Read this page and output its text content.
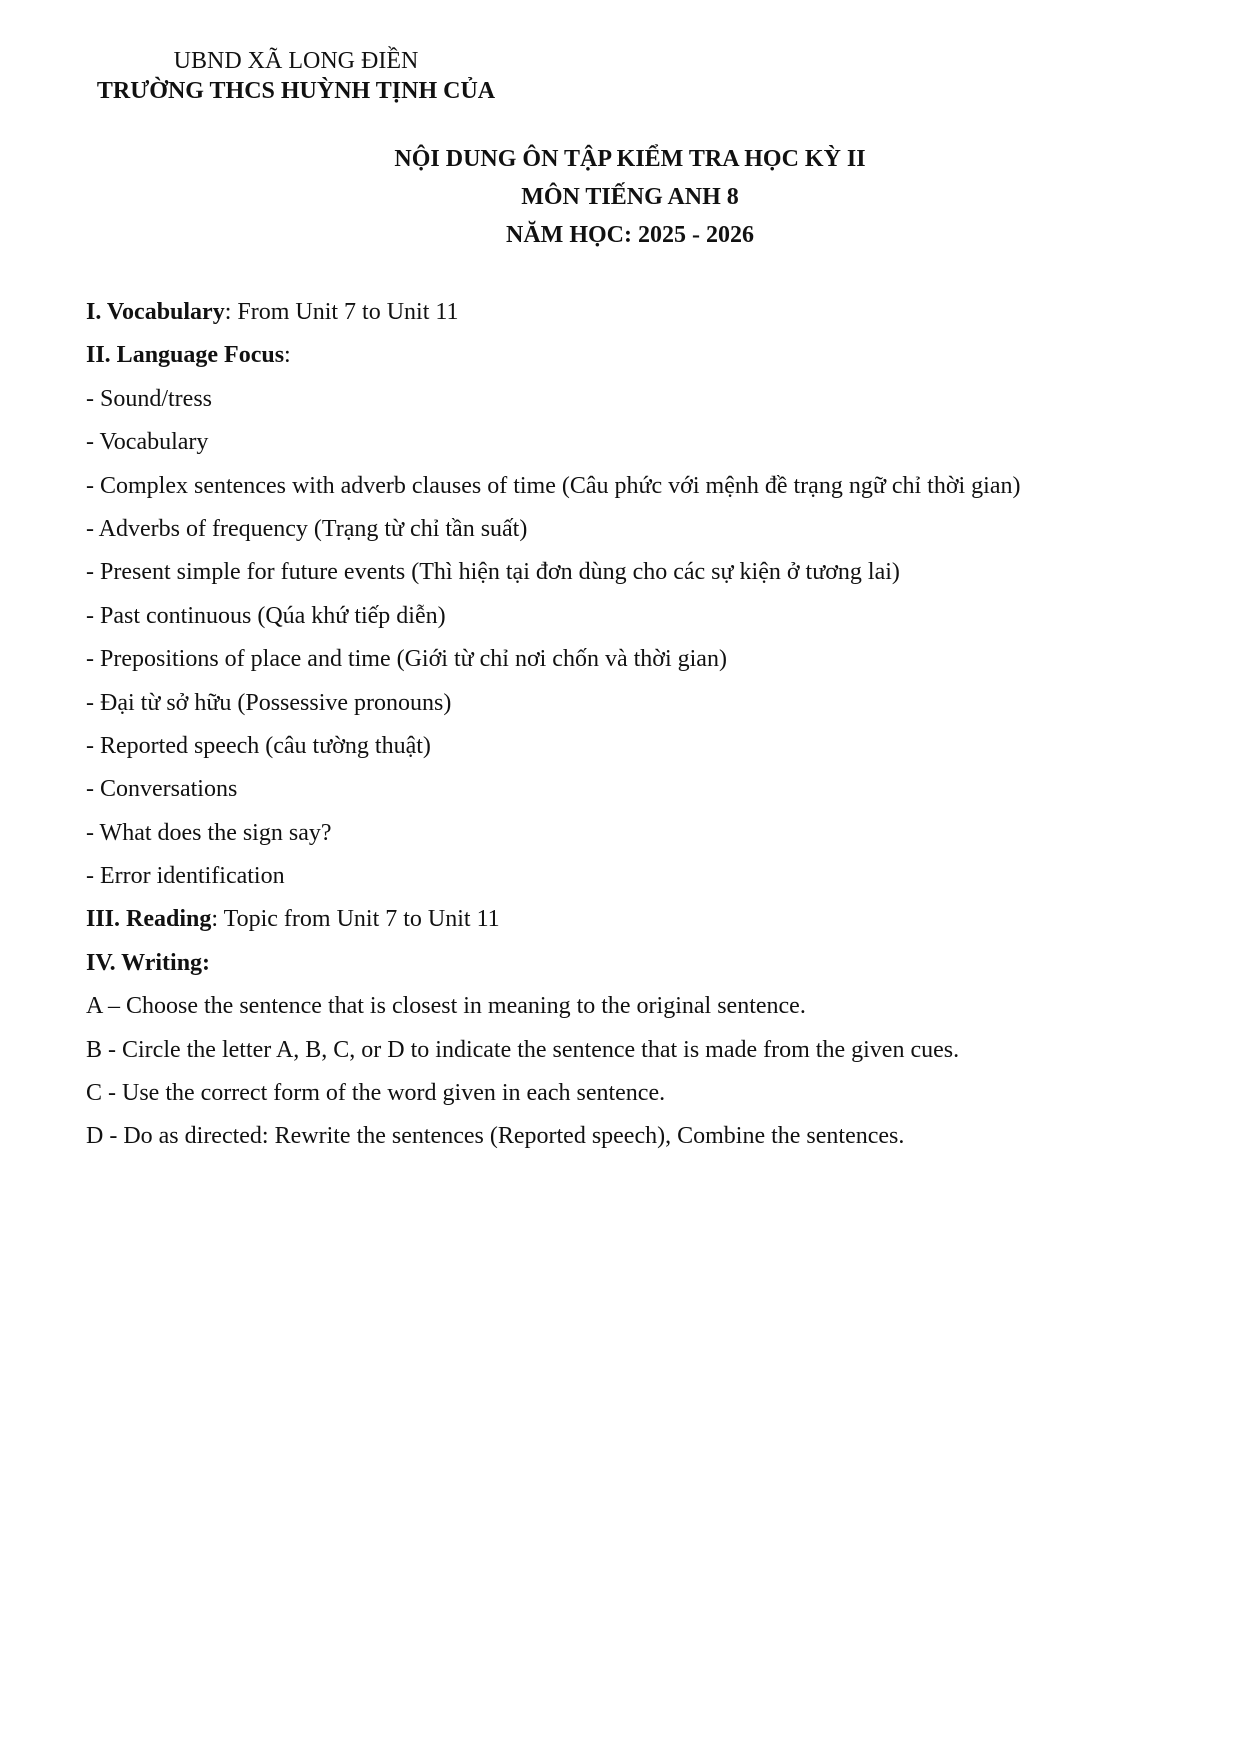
UBND XÃ LONG ĐIỀN
TRƯỜNG THCS HUỲNH TỊNH CỦA
NỘI DUNG ÔN TẬP KIỂM TRA HỌC KỲ II
MÔN TIẾNG ANH 8
NĂM HỌC: 2025 - 2026
I. Vocabulary: From Unit 7 to Unit 11
II. Language Focus:
- Sound/tress
- Vocabulary
- Complex sentences with adverb clauses of time (Câu phức với mệnh đề trạng ngữ chỉ thời gian)
- Adverbs of frequency (Trạng từ chỉ tần suất)
- Present simple for future events (Thì hiện tại đơn dùng cho các sự kiện ở tương lai)
- Past continuous (Qúa khứ tiếp diễn)
- Prepositions of place and time (Giới từ chỉ nơi chốn và thời gian)
- Đại từ sở hữu (Possessive pronouns)
- Reported speech (câu tường thuật)
- Conversations
- What does the sign say?
- Error identification
III. Reading: Topic from Unit 7 to Unit 11
IV. Writing:
A – Choose the sentence that is closest in meaning to the original sentence.
B - Circle the letter A, B, C, or D to indicate the sentence that is made from the given cues.
C - Use the correct form of the word given in each sentence.
D - Do as directed: Rewrite the sentences (Reported speech), Combine the sentences.
